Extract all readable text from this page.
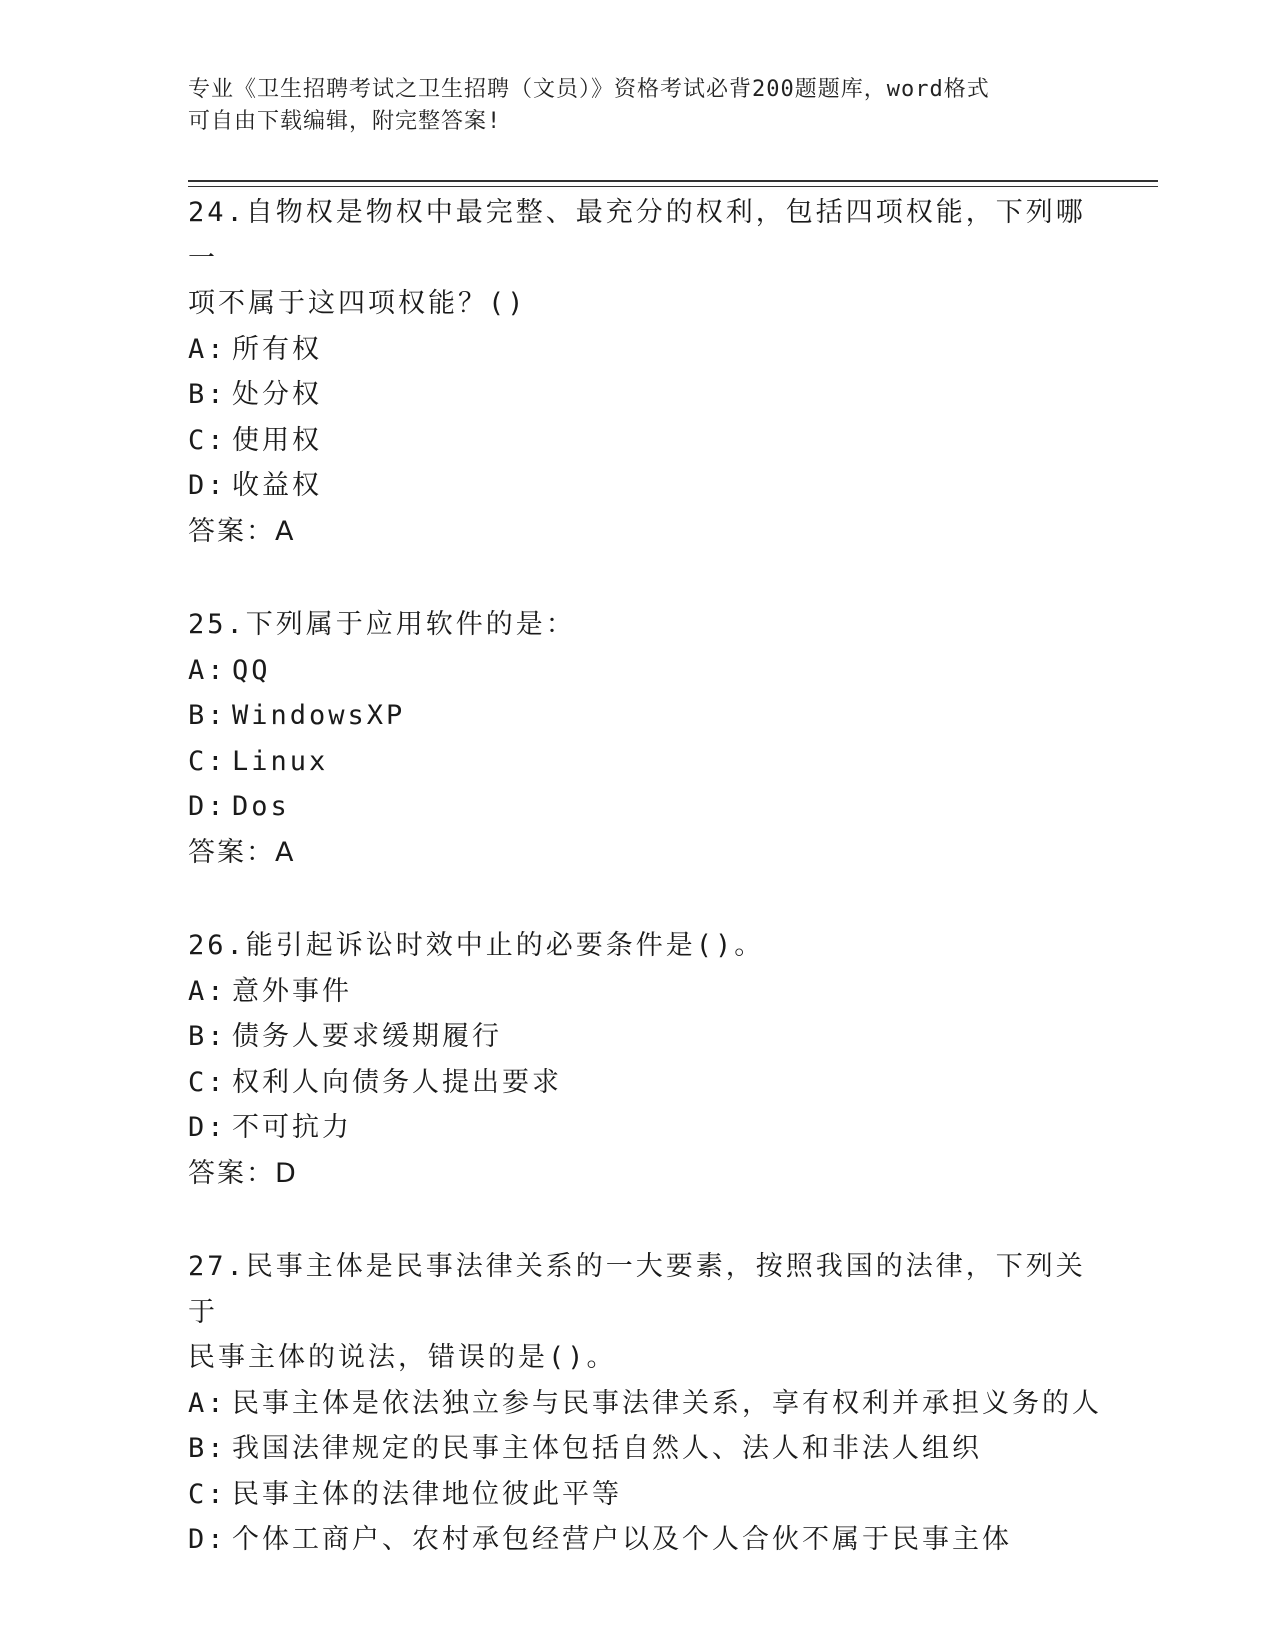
专业《卫生招聘考试之卫生招聘（文员）》资格考试必背200题题库，word格式
可自由下载编辑，附完整答案!

24.自物权是物权中最完整、最充分的权利，包括四项权能，下列哪一

项不属于这四项权能？()

A: 所有权

B: 处分权

C: 使用权

D: 收益权

答案：A

25.下列属于应用软件的是：

A: QQ

B: WindowsXP

C: Linux

D: Dos

答案：A

26.能引起诉讼时效中止的必要条件是()。

A: 意外事件

B: 债务人要求缓期履行

C: 权利人向债务人提出要求

D: 不可抗力

答案：D

27.民事主体是民事法律关系的一大要素，按照我国的法律，下列关于

民事主体的说法，错误的是()。

A: 民事主体是依法独立参与民事法律关系，享有权利并承担义务的人

B: 我国法律规定的民事主体包括自然人、法人和非法人组织

C: 民事主体的法律地位彼此平等

D: 个体工商户、农村承包经营户以及个人合伙不属于民事主体
